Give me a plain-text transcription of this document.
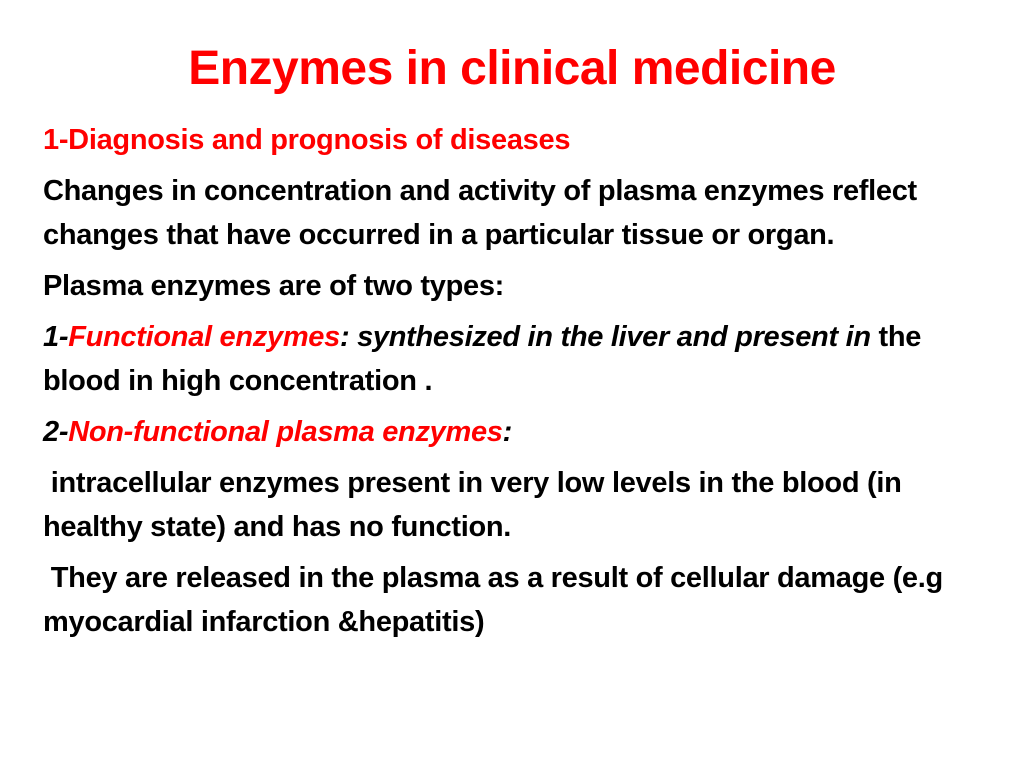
Enzymes in clinical medicine

1-Diagnosis and prognosis of diseases

Changes in concentration and activity of plasma enzymes reflect changes that have occurred in a particular tissue or organ.

Plasma enzymes are of two types:

1-Functional enzymes: synthesized in the liver and present in the blood in high concentration .

2-Non-functional plasma enzymes:

intracellular enzymes present in very low levels in the blood (in healthy state) and has no function.

They are released in the plasma as a result of cellular damage (e.g myocardial infarction &hepatitis)
